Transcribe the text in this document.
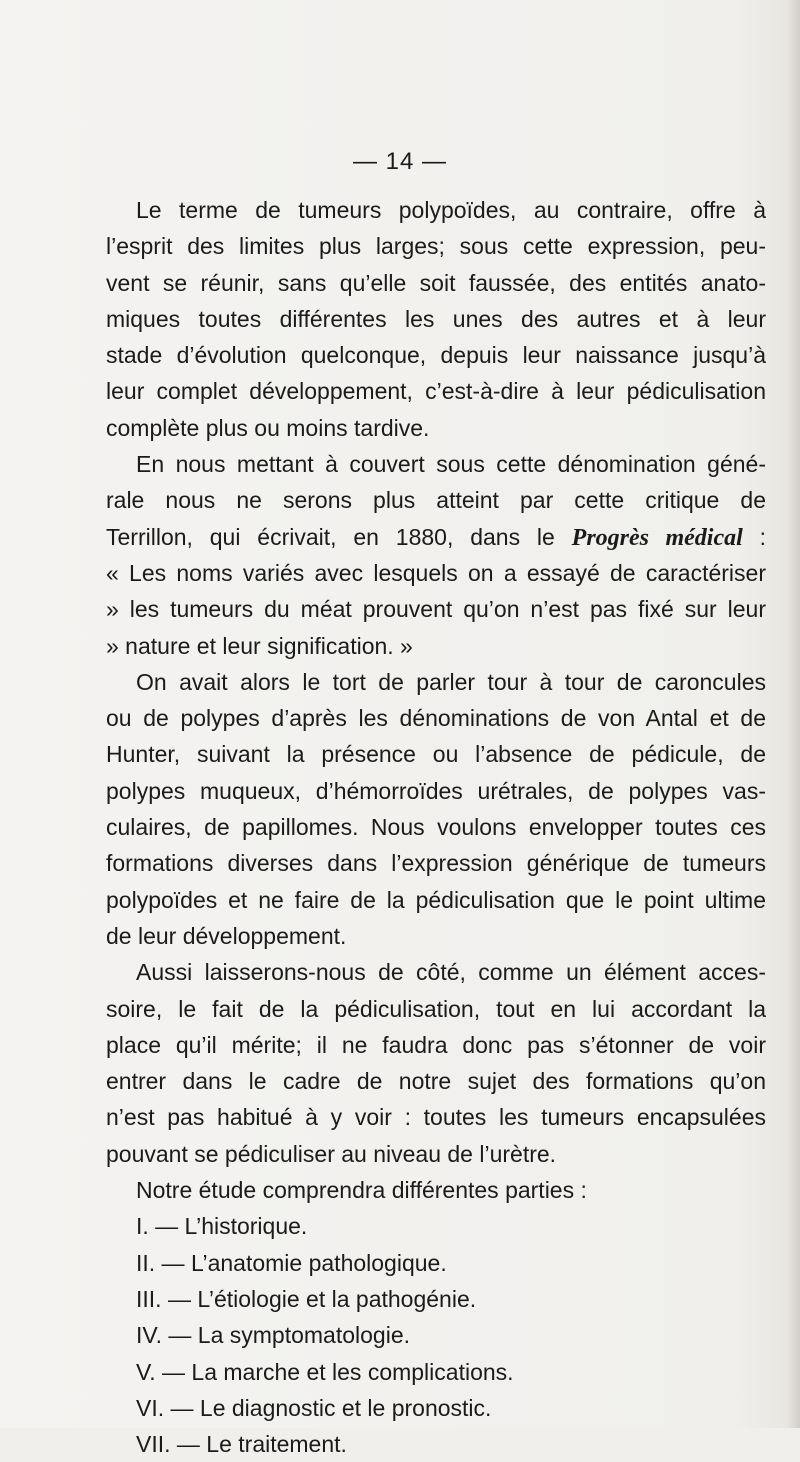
— 14 —
Le terme de tumeurs polypoïdes, au contraire, offre à
l’esprit des limites plus larges; sous cette expression, peu-
vent se réunir, sans qu’elle soit faussée, des entités anato-
miques toutes différentes les unes des autres et à leur
stade d’évolution quelconque, depuis leur naissance jusqu’à
leur complet développement, c’est-à-dire à leur pédiculisation
complète plus ou moins tardive.
En nous mettant à couvert sous cette dénomination géné-
rale nous ne serons plus atteint par cette critique de
Terrillon, qui écrivait, en 1880, dans le Progrès médical :
« Les noms variés avec lesquels on a essayé de caractériser
» les tumeurs du méat prouvent qu’on n’est pas fixé sur leur
» nature et leur signification. »
On avait alors le tort de parler tour à tour de caroncules
ou de polypes d’après les dénominations de von Antal et de
Hunter, suivant la présence ou l’absence de pédicule, de
polypes muqueux, d’hémorroïdes urétrales, de polypes vas-
culaires, de papillomes. Nous voulons envelopper toutes ces
formations diverses dans l’expression générique de tumeurs
polypoïdes et ne faire de la pédiculisation que le point ultime
de leur développement.
Aussi laisserons-nous de côté, comme un élément acces-
soire, le fait de la pédiculisation, tout en lui accordant la
place qu’il mérite; il ne faudra donc pas s’étonner de voir
entrer dans le cadre de notre sujet des formations qu’on
n’est pas habitué à y voir : toutes les tumeurs encapsulées
pouvant se pédiculiser au niveau de l’urètre.
Notre étude comprendra différentes parties :
I. — L’historique.
II. — L’anatomie pathologique.
III. — L’étiologie et la pathogénie.
IV. — La symptomatologie.
V. — La marche et les complications.
VI. — Le diagnostic et le pronostic.
VII. — Le traitement.
